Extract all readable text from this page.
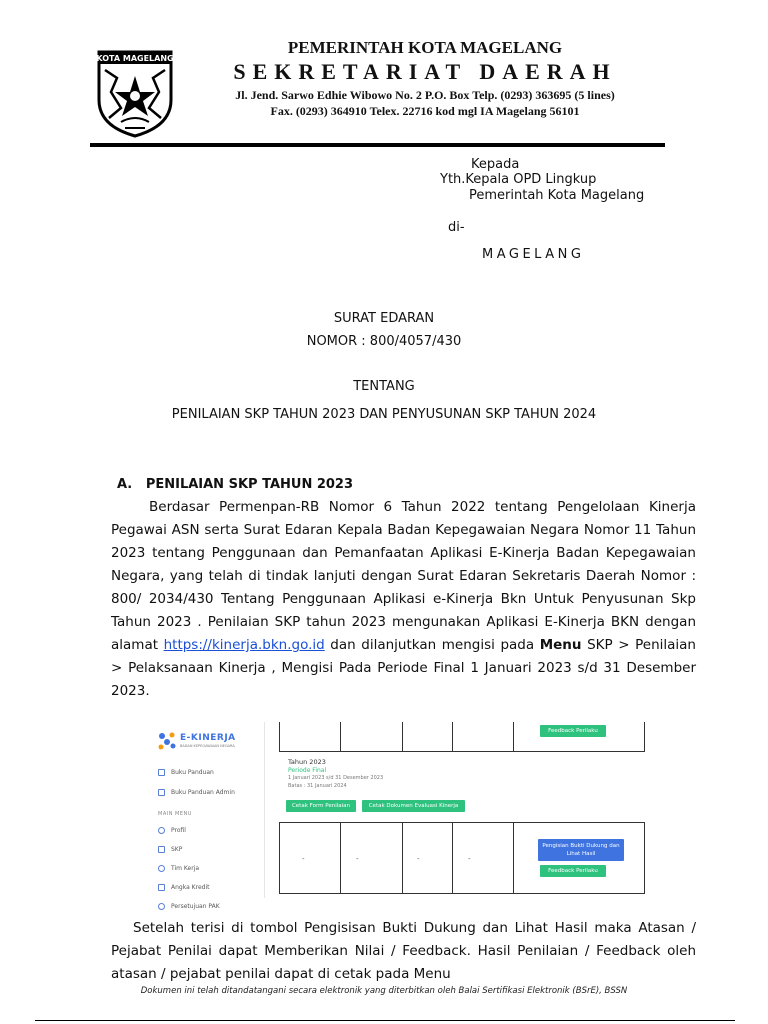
KOTA MAGELANG
PEMERINTAH KOTA MAGELANG
SEKRETARIAT DAERAH
Jl. Jend. Sarwo Edhie Wibowo No. 2 P.O. Box Telp. (0293) 363695 (5 lines)
Fax. (0293) 364910 Telex. 22716 kod mgl IA Magelang 56101
Kepada
Yth.Kepala OPD Lingkup
Pemerintah Kota Magelang
di-
MAGELANG
SURAT EDARAN
NOMOR : 800/4057/430
TENTANG
PENILAIAN SKP TAHUN 2023 DAN PENYUSUNAN SKP TAHUN 2024
A.   PENILAIAN SKP TAHUN 2023
Berdasar Permenpan-RB Nomor 6 Tahun 2022 tentang Pengelolaan Kinerja Pegawai ASN serta Surat Edaran Kepala Badan Kepegawaian Negara Nomor 11 Tahun 2023 tentang Penggunaan dan Pemanfaatan Aplikasi E-Kinerja Badan Kepegawaian Negara, yang telah di tindak lanjuti dengan Surat Edaran Sekretaris Daerah Nomor : 800/ 2034/430 Tentang Penggunaan Aplikasi e-Kinerja Bkn Untuk Penyusunan Skp Tahun 2023 . Penilaian SKP tahun 2023 mengunakan Aplikasi E-Kinerja BKN dengan alamat https://kinerja.bkn.go.id dan dilanjutkan mengisi pada Menu SKP > Penilaian > Pelaksanaan Kinerja , Mengisi Pada Periode Final 1 Januari 2023 s/d 31 Desember 2023.
E-KINERJA
BADAN KEPEGAWAIAN NEGARA
Buku Panduan
Buku Panduan Admin
MAIN MENU
Profil
SKP
Tim Kerja
Angka Kredit
Persetujuan PAK
Feedback Perilaku
Tahun 2023
Periode Final
1 Januari 2023 s/d 31 Desember 2023
Batas : 31 Januari 2024
Cetak Form Penilaian	Cetak Dokumen Evaluasi Kinerja
-	-	-	-
Pengisian Bukti Dukung dan Lihat Hasil
Feedback Perilaku
Setelah terisi di tombol Pengisisan Bukti Dukung dan Lihat Hasil maka Atasan / Pejabat Penilai dapat Memberikan Nilai / Feedback. Hasil Penilaian / Feedback oleh atasan / pejabat penilai dapat di cetak pada Menu
Dokumen ini telah ditandatangani secara elektronik yang diterbitkan oleh Balai Sertifikasi Elektronik (BSrE), BSSN
